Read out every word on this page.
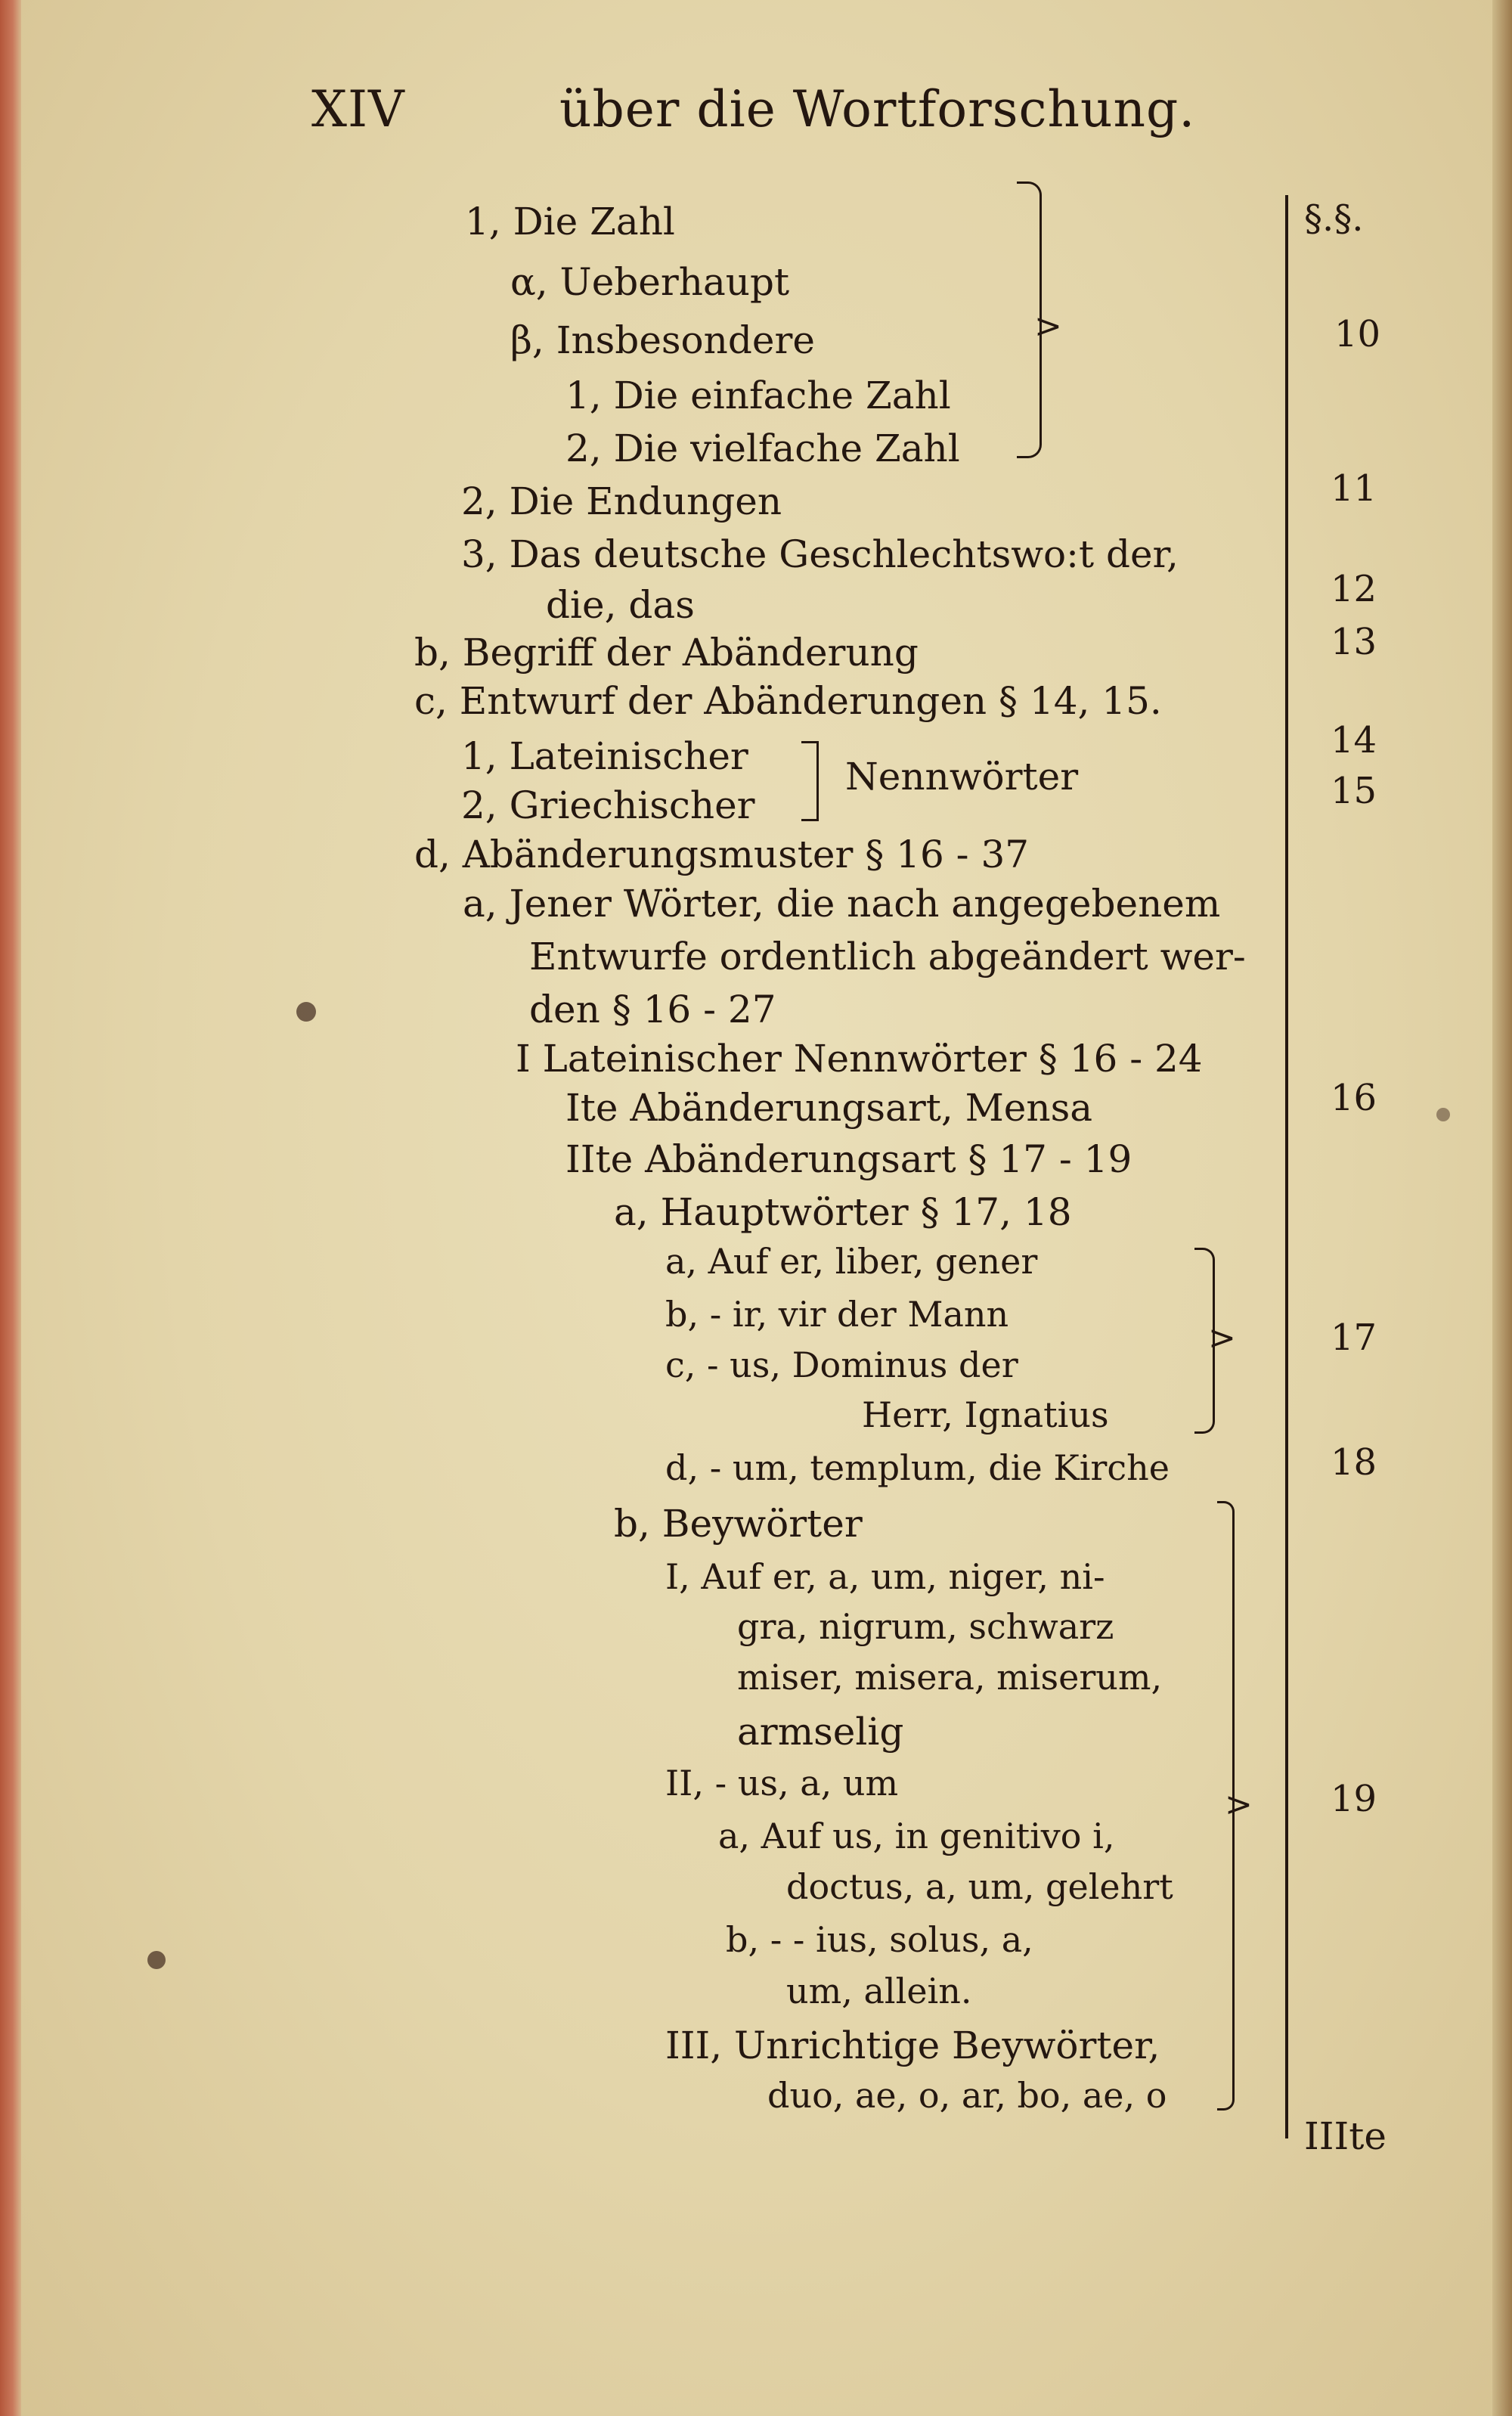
XIV	über die Wortforschung.
1, Die Zahl
α, Ueberhaupt
β, Insbesondere
1, Die einfache Zahl
2, Die vielfache Zahl
2, Die Endungen
3, Das deutsche Geschlechtswo:t der,
die, das
b, Begriff der Abänderung
c, Entwurf der Abänderungen § 14, 15.
1, Lateinischer
2, Griechischer
Nennwörter
d, Abänderungsmuster § 16 - 37
a, Jener Wörter, die nach angegebenem
Entwurfe ordentlich abgeändert wer-
den § 16 - 27
I Lateinischer Nennwörter § 16 - 24
Ite Abänderungsart, Mensa
IIte Abänderungsart § 17 - 19
a, Hauptwörter § 17, 18
a, Auf er, liber, gener
b, - ir, vir der Mann
c, - us, Dominus der
Herr, Ignatius
d, - um, templum, die Kirche
b, Beywörter
I, Auf er, a, um, niger, ni-
gra, nigrum, schwarz
miser, misera, miserum,
armselig
II, - us, a, um
a, Auf us, in genitivo i,
doctus, a, um, gelehrt
b, - - ius, solus, a,
um, allein.
III, Unrichtige Beywörter,
duo, ae, o, ar, bo, ae, o
>
>
>
§.§.
10
11
12
13
14
15
16
17
18
19
IIIte
